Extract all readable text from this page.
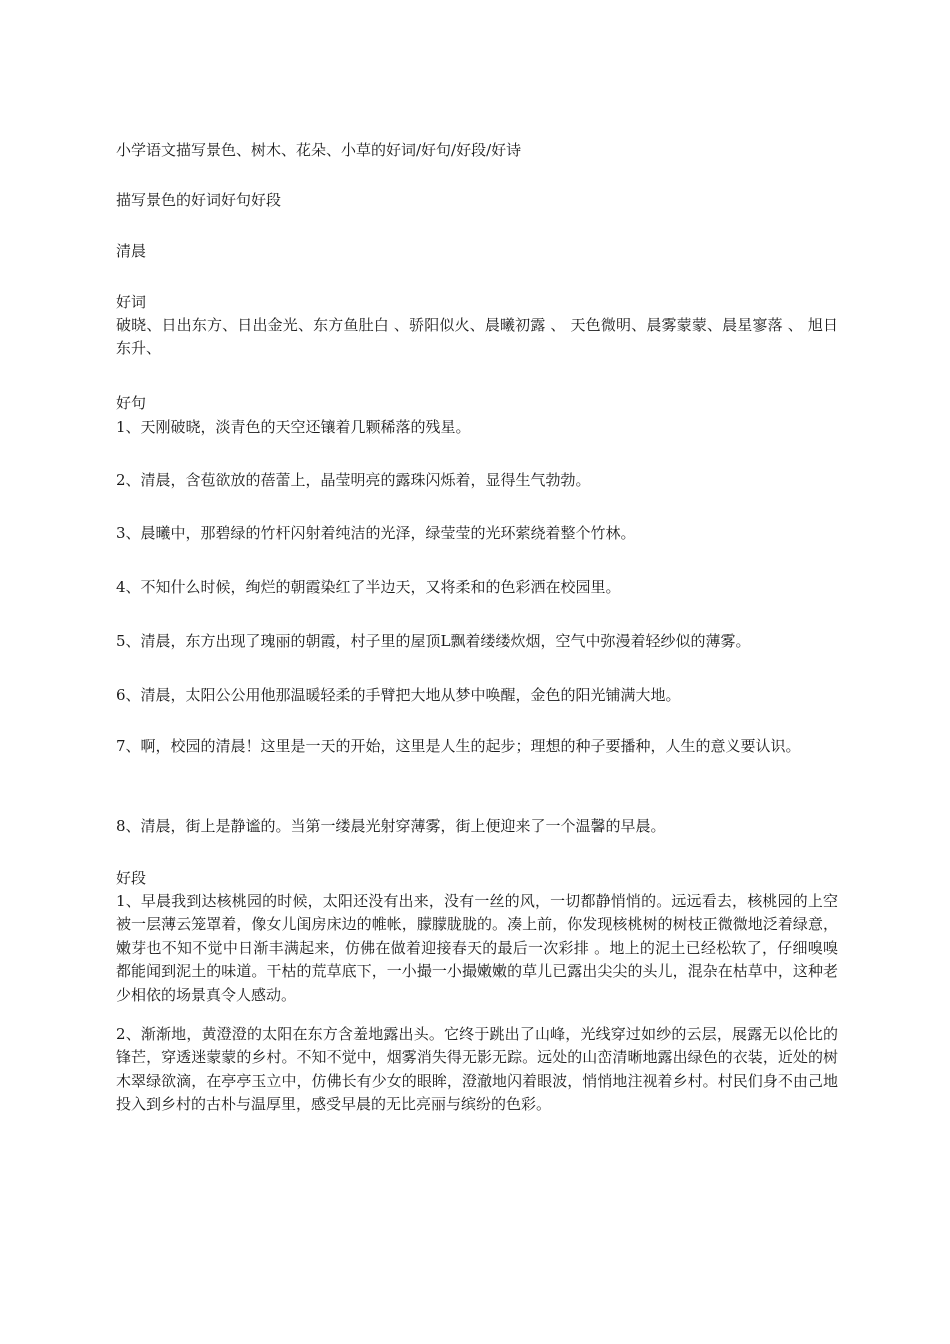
小学语文描写景色、树木、花朵、小草的好词/好句/好段/好诗
描写景色的好词好句好段
清晨
好词

破晓、日出东方、日出金光、东方鱼肚白 、骄阳似火、晨曦初露 、 天色微明、晨雾蒙蒙、晨星寥落 、 旭日东升、

好句
1、天刚破晓，淡青色的天空还镶着几颗稀落的残星。
2、清晨，含苞欲放的蓓蕾上，晶莹明亮的露珠闪烁着，显得生气勃勃。
3、晨曦中，那碧绿的竹杆闪射着纯洁的光泽，绿莹莹的光环萦绕着整个竹林。
4、不知什么时候，绚烂的朝霞染红了半边天，又将柔和的色彩洒在校园里。
5、清晨，东方出现了瑰丽的朝霞，村子里的屋顶L飘着缕缕炊烟，空气中弥漫着轻纱似的薄雾。
6、清晨，太阳公公用他那温暖轻柔的手臂把大地从梦中唤醒，金色的阳光铺满大地。

7、啊，校园的清晨！这里是一天的开始，这里是人生的起步；理想的种子要播种，人生的意义要认识。

8、清晨，街上是静谧的。当第一缕晨光射穿薄雾，街上便迎来了一个温馨的早晨。
好段

1、早晨我到达核桃园的时候，太阳还没有出来，没有一丝的风，一切都静悄悄的。远远看去，核桃园的上空被一层薄云笼罩着，像女儿闺房床边的帷帐，朦朦胧胧的。凑上前，你发现核桃树的树枝正微微地泛着绿意，嫩芽也不知不觉中日渐丰满起来，仿佛在做着迎接春天的最后一次彩排 。地上的泥土已经松软了，仔细嗅嗅都能闻到泥土的味道。干枯的荒草底下，一小撮一小撮嫩嫩的草儿已露出尖尖的头儿，混杂在枯草中，这种老少相依的场景真令人感动。

2、渐渐地，黄澄澄的太阳在东方含羞地露出头。它终于跳出了山峰，光线穿过如纱的云层，展露无以伦比的锋芒，穿透迷蒙蒙的乡村。不知不觉中，烟雾消失得无影无踪。远处的山峦清晰地露出绿色的衣装，近处的树木翠绿欲滴，在亭亭玉立中，仿佛长有少女的眼眸，澄澈地闪着眼波，悄悄地注视着乡村。村民们身不由己地投入到乡村的古朴与温厚里，感受早晨的无比亮丽与缤纷的色彩。
